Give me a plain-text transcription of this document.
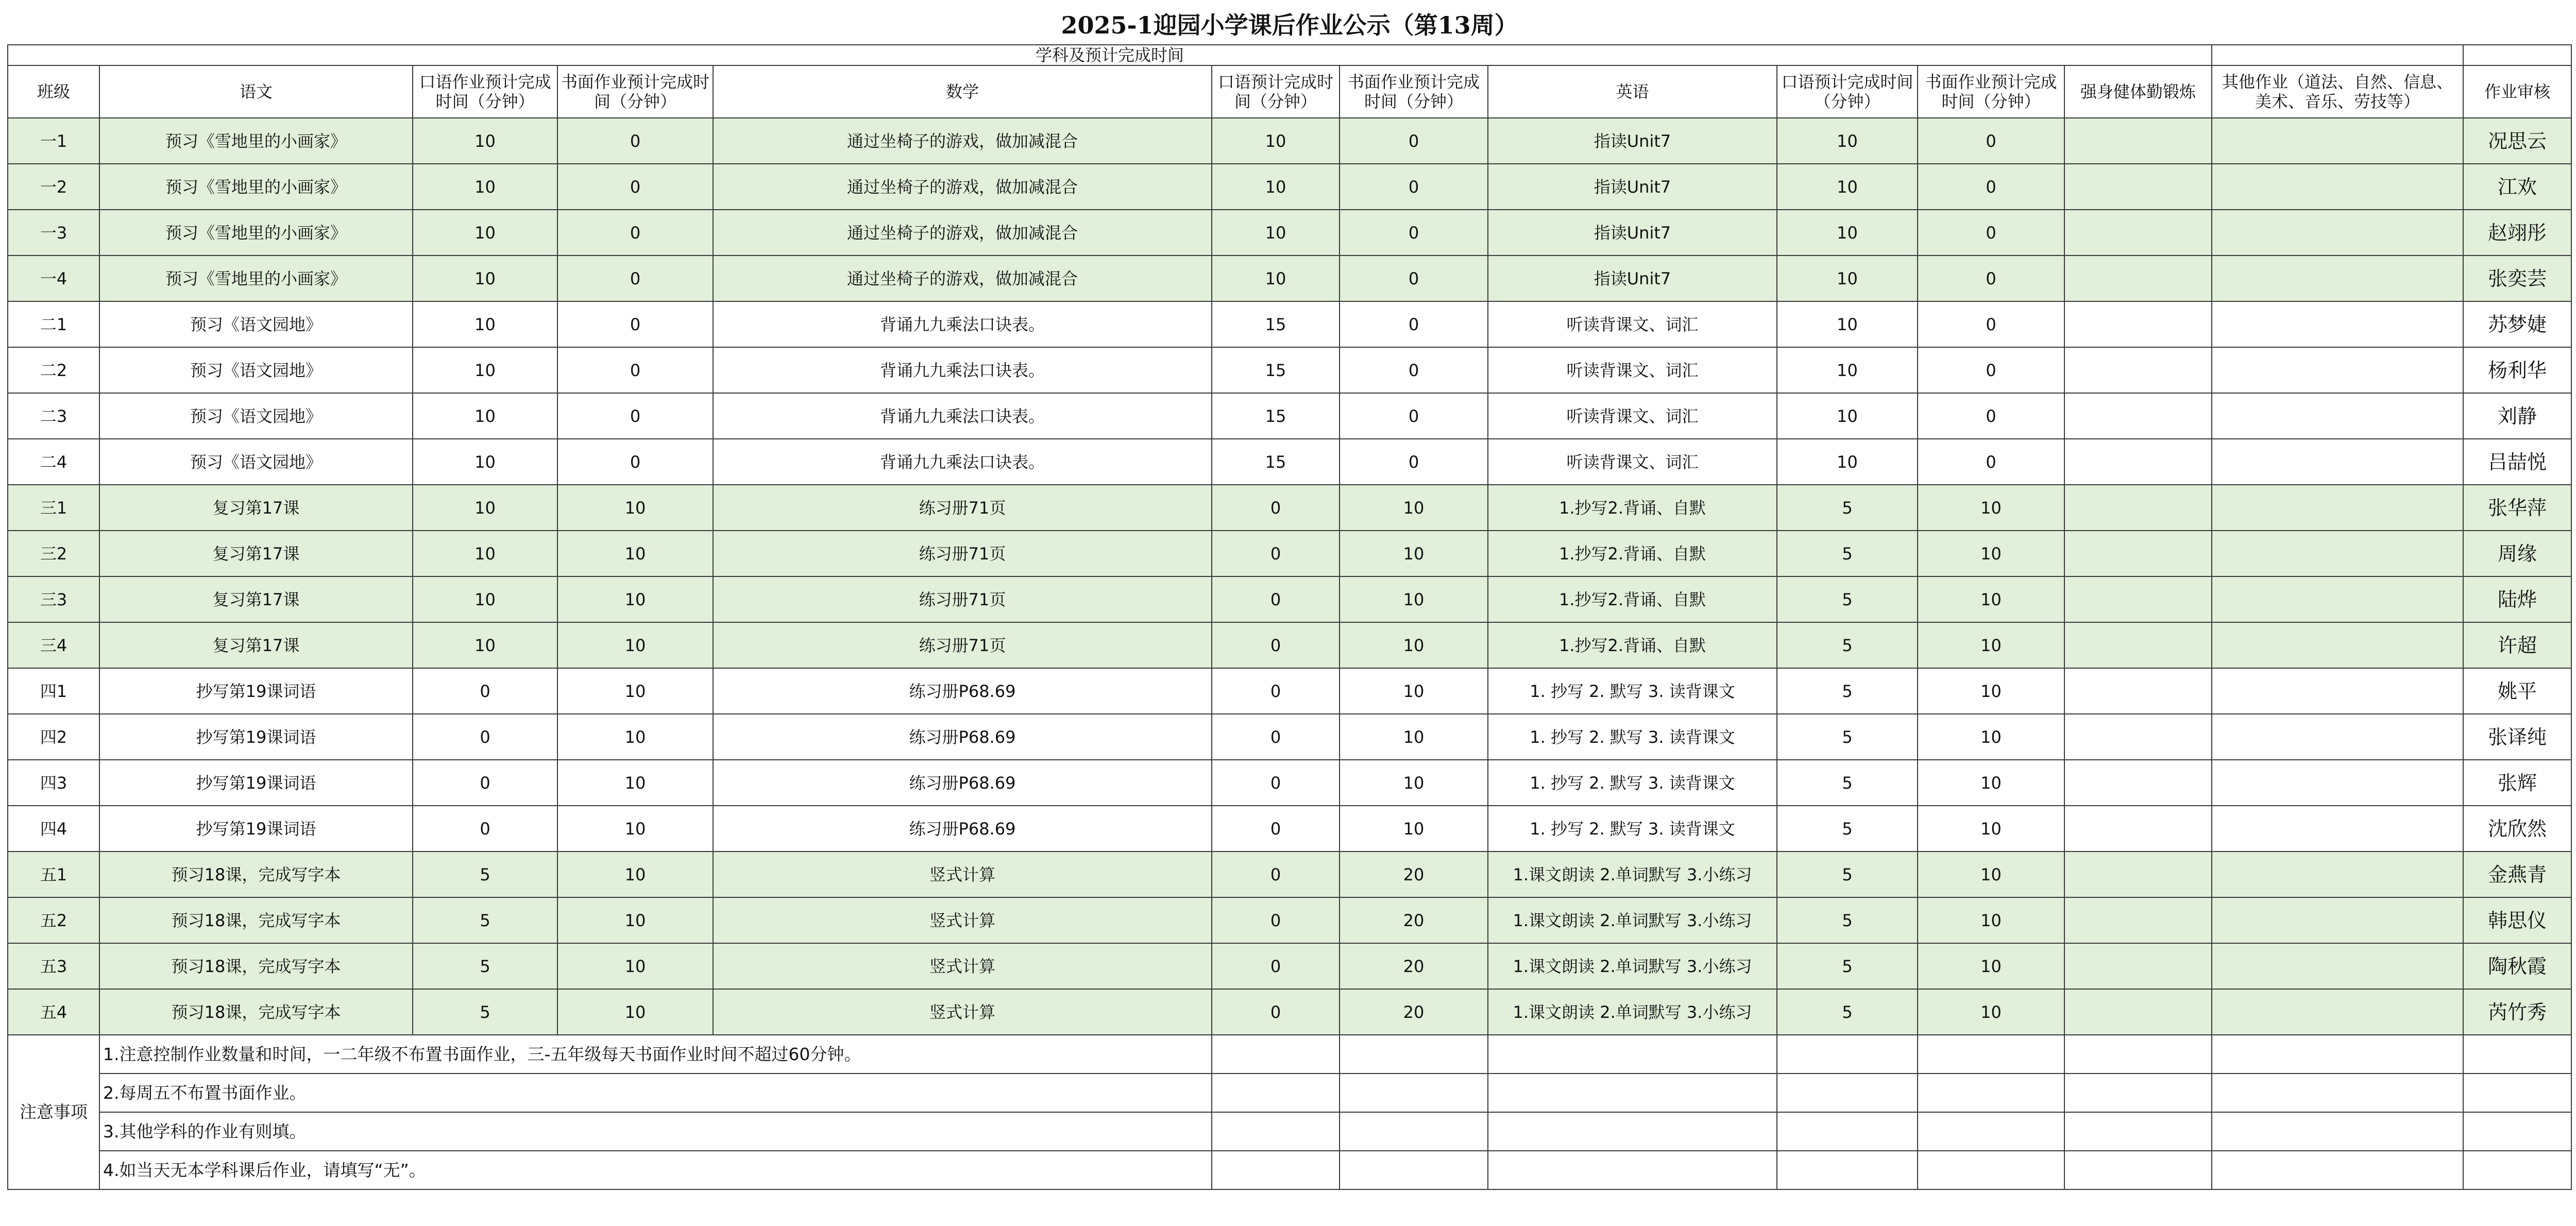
2025-1迎园小学课后作业公示（第13周）												
学科及预计完成时间												
班级	语文	口语作业预计完成时间（分钟）	书面作业预计完成时间（分钟）	数学	口语预计完成时间（分钟）	书面作业预计完成时间（分钟）	英语	口语预计完成时间（分钟）	书面作业预计完成时间（分钟）	强身健体勤锻炼	其他作业（道法、自然、信息、美术、音乐、劳技等）	作业审核
一1	预习《雪地里的小画家》	10	0	通过坐椅子的游戏，做加减混合	10	0	指读Unit7	10	0			况思云
一2	预习《雪地里的小画家》	10	0	通过坐椅子的游戏，做加减混合	10	0	指读Unit7	10	0			江欢
一3	预习《雪地里的小画家》	10	0	通过坐椅子的游戏，做加减混合	10	0	指读Unit7	10	0			赵翊彤
一4	预习《雪地里的小画家》	10	0	通过坐椅子的游戏，做加减混合	10	0	指读Unit7	10	0			张奕芸
二1	预习《语文园地》	10	0	背诵九九乘法口诀表。	15	0	听读背课文、词汇	10	0			苏梦婕
二2	预习《语文园地》	10	0	背诵九九乘法口诀表。	15	0	听读背课文、词汇	10	0			杨利华
二3	预习《语文园地》	10	0	背诵九九乘法口诀表。	15	0	听读背课文、词汇	10	0			刘静
二4	预习《语文园地》	10	0	背诵九九乘法口诀表。	15	0	听读背课文、词汇	10	0			吕喆悦
三1	复习第17课	10	10	练习册71页	0	10	1.抄写2.背诵、自默	5	10			张华萍
三2	复习第17课	10	10	练习册71页	0	10	1.抄写2.背诵、自默	5	10			周缘
三3	复习第17课	10	10	练习册71页	0	10	1.抄写2.背诵、自默	5	10			陆烨
三4	复习第17课	10	10	练习册71页	0	10	1.抄写2.背诵、自默	5	10			许超
四1	抄写第19课词语	0	10	练习册P68.69	0	10	1. 抄写 2. 默写 3. 读背课文	5	10			姚平
四2	抄写第19课词语	0	10	练习册P68.69	0	10	1. 抄写 2. 默写 3. 读背课文	5	10			张译纯
四3	抄写第19课词语	0	10	练习册P68.69	0	10	1. 抄写 2. 默写 3. 读背课文	5	10			张辉
四4	抄写第19课词语	0	10	练习册P68.69	0	10	1. 抄写 2. 默写 3. 读背课文	5	10			沈欣然
五1	预习18课，完成写字本	5	10	竖式计算	0	20	1.课文朗读 2.单词默写 3.小练习	5	10			金燕青
五2	预习18课，完成写字本	5	10	竖式计算	0	20	1.课文朗读 2.单词默写 3.小练习	5	10			韩思仪
五3	预习18课，完成写字本	5	10	竖式计算	0	20	1.课文朗读 2.单词默写 3.小练习	5	10			陶秋霞
五4	预习18课，完成写字本	5	10	竖式计算	0	20	1.课文朗读 2.单词默写 3.小练习	5	10			芮竹秀
注意事项	1.注意控制作业数量和时间，一二年级不布置书面作业，三-五年级每天书面作业时间不超过60分钟。											
	2.每周五不布置书面作业。											
	3.其他学科的作业有则填。											
	4.如当天无本学科课后作业，请填写“无”。											
